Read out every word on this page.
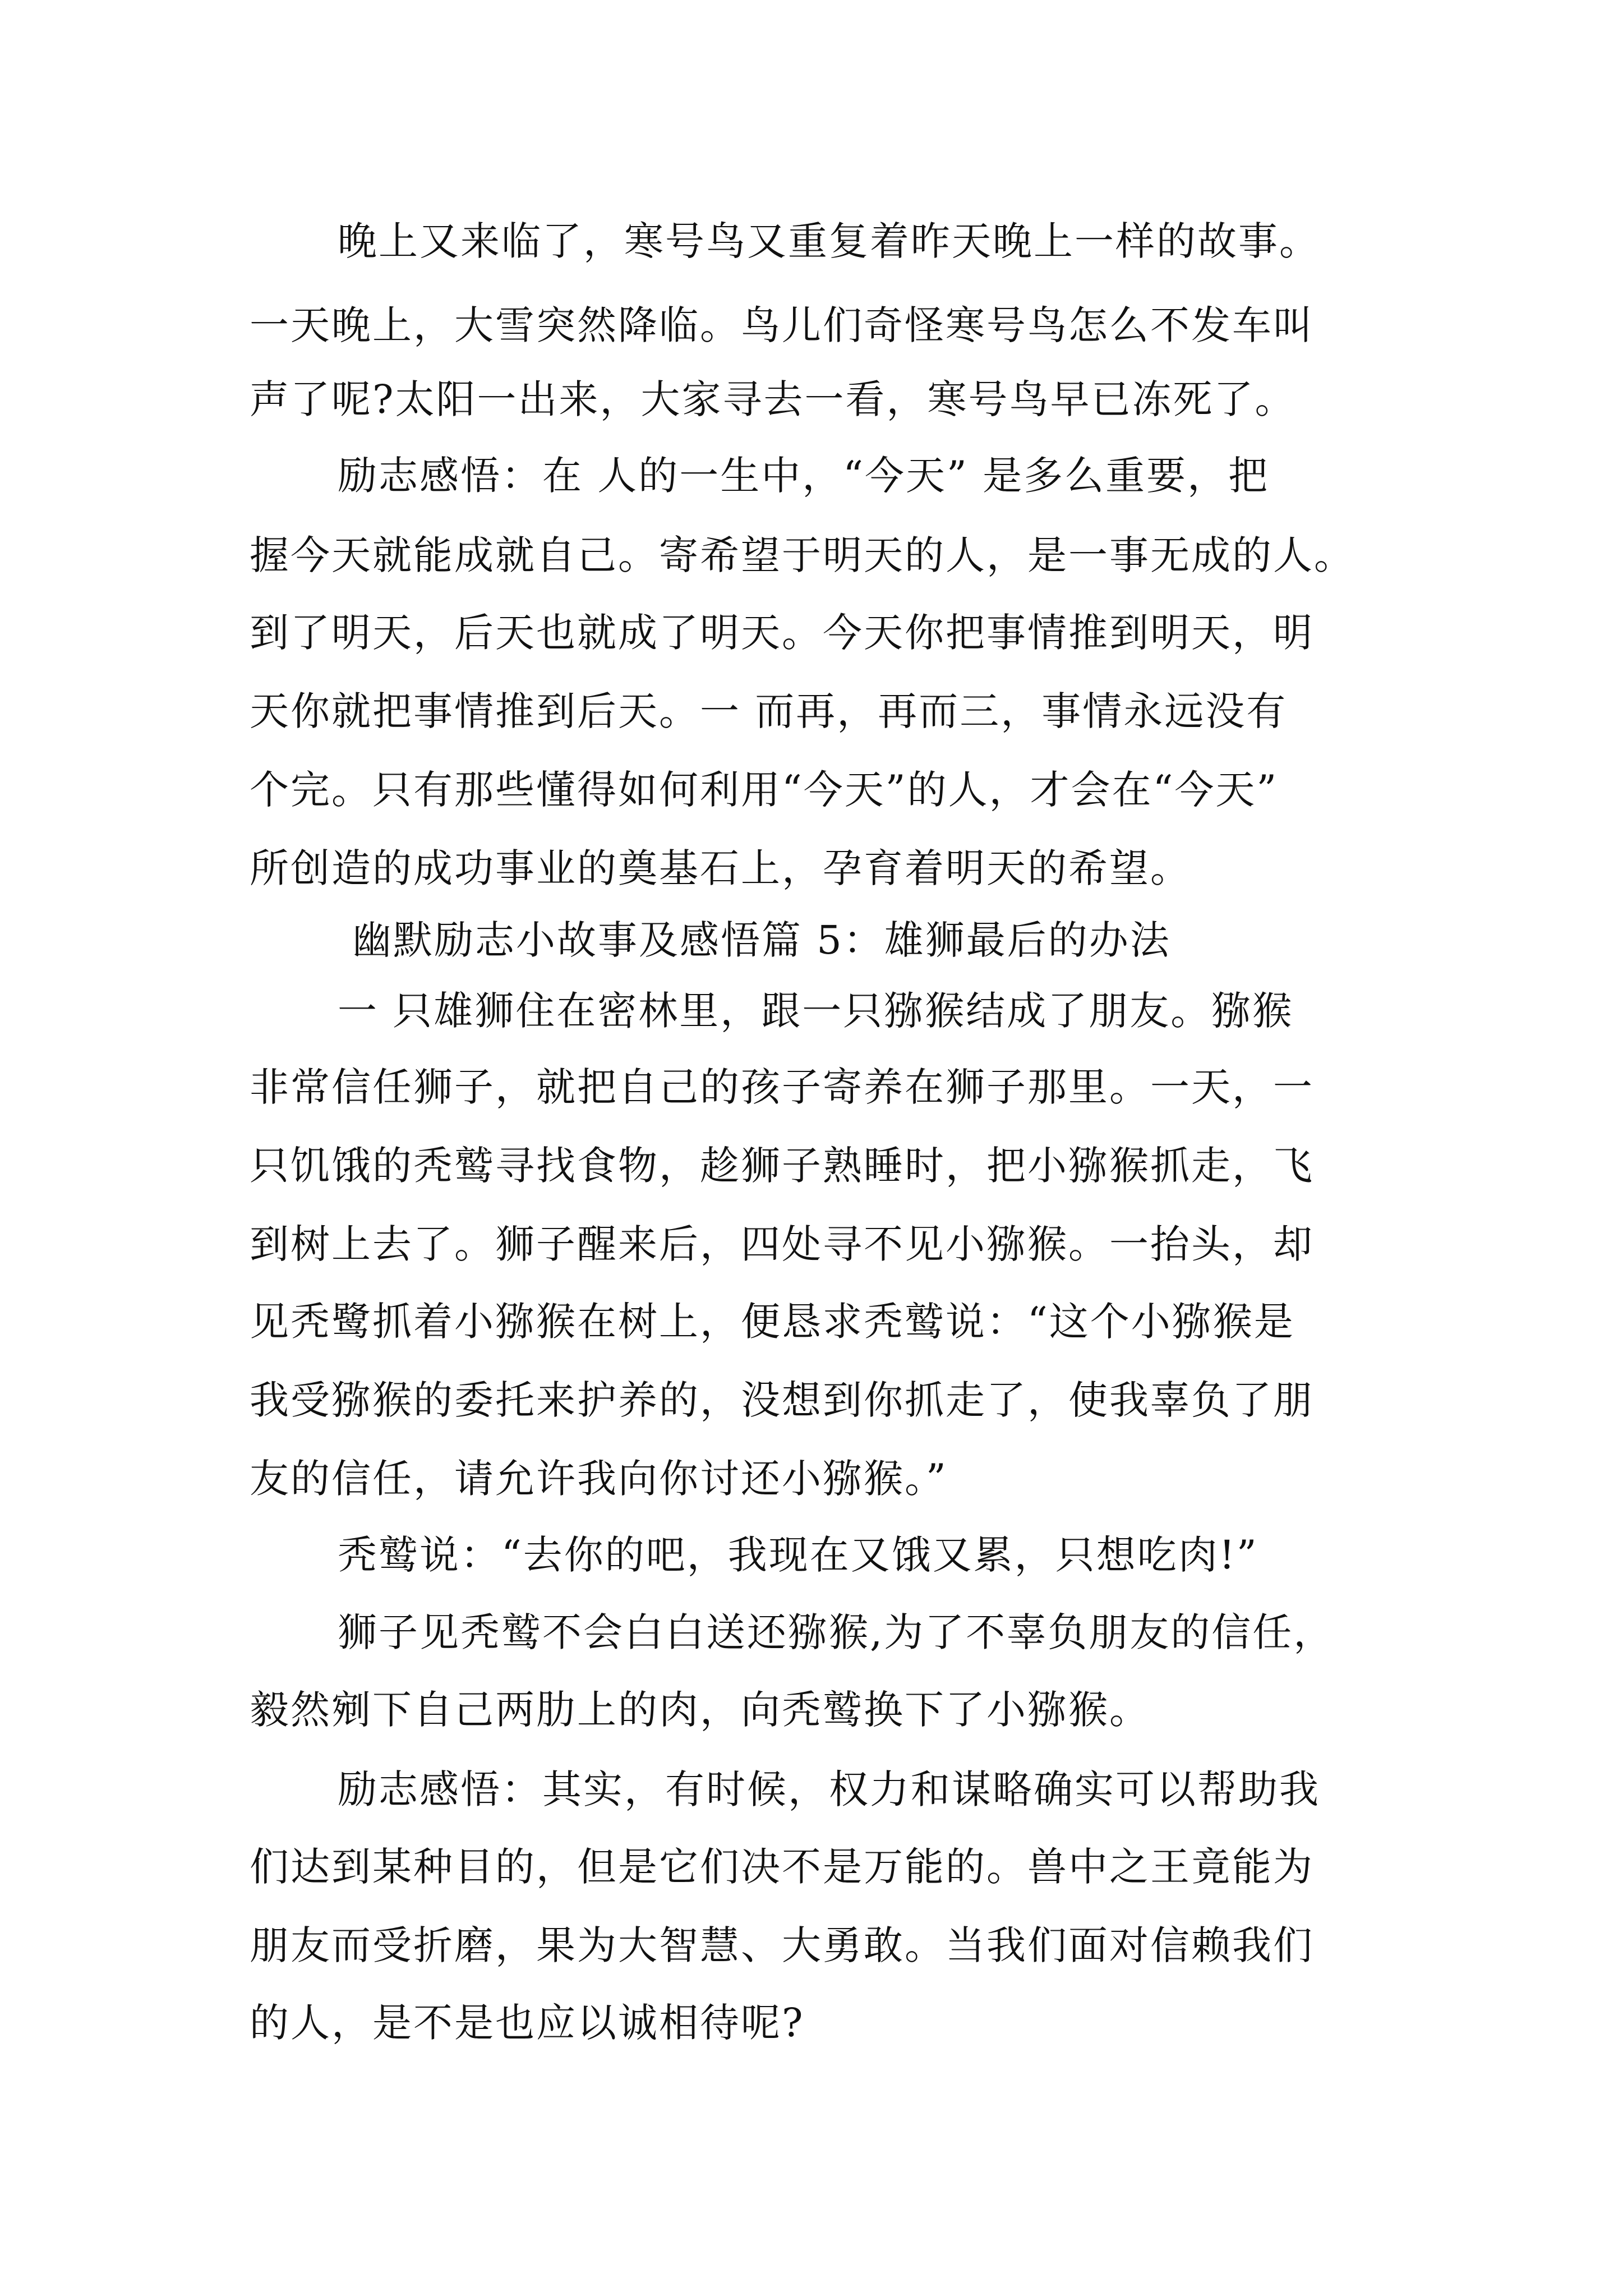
晚上又来临了，寒号鸟又重复着昨天晚上一样的故事。

一天晚上，大雪突然降临。鸟儿们奇怪寒号鸟怎么不发车叫

声了呢?太阳一出来，大家寻去一看，寒号鸟早已冻死了。

励志感悟：在 人的一生中，“今天” 是多么重要，把

握今天就能成就自己。寄希望于明天的人，是一事无成的人。

到了明天，后天也就成了明天。今天你把事情推到明天，明

天你就把事情推到后天。一 而再，再而三，事情永远没有

个完。只有那些懂得如何利用“今天”的人，才会在“今天”

所创造的成功事业的奠基石上，孕育着明天的希望。

幽默励志小故事及感悟篇 5：雄狮最后的办法

一 只雄狮住在密林里，跟一只猕猴结成了朋友。猕猴

非常信任狮子，就把自己的孩子寄养在狮子那里。一天，一

只饥饿的秃鹫寻找食物，趁狮子熟睡时，把小猕猴抓走，飞

到树上去了。狮子醒来后，四处寻不见小猕猴。一抬头，却

见秃鹭抓着小猕猴在树上，便恳求秃鹫说：“这个小猕猴是

我受猕猴的委托来护养的，没想到你抓走了，使我辜负了朋

友的信任，请允许我向你讨还小猕猴。”

秃鹫说：“去你的吧，我现在又饿又累，只想吃肉!”

狮子见秃鹫不会白白送还猕猴,为了不辜负朋友的信任，

毅然剜下自己两肋上的肉，向秃鹫换下了小猕猴。

励志感悟：其实，有时候，权力和谋略确实可以帮助我

们达到某种目的，但是它们决不是万能的。兽中之王竟能为

朋友而受折磨，果为大智慧、大勇敢。当我们面对信赖我们

的人，是不是也应以诚相待呢?
